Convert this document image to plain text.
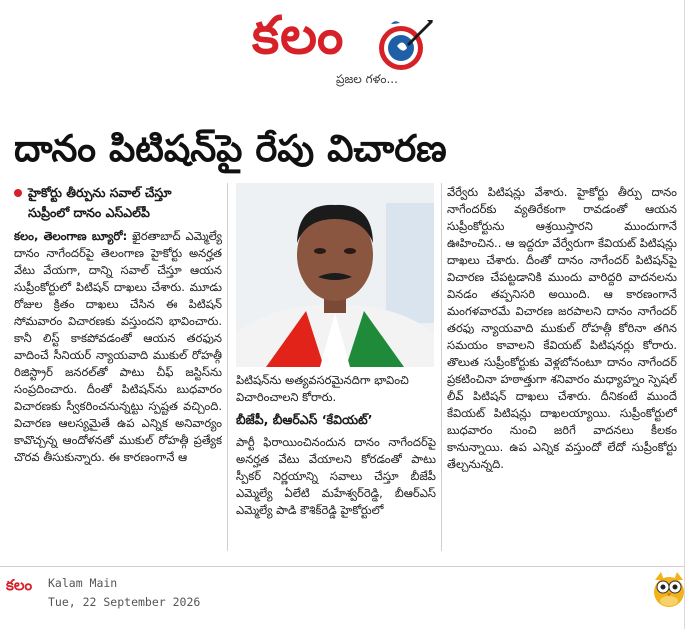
కలం
ప్రజల గళం...
దానం పిటిషన్‌పై రేపు విచారణ
హైకోర్టు తీర్పును సవాల్ చేస్తూ
సుప్రీంలో దానం ఎస్‌ఎల్‌పీ

కలం, తెలంగాణ బ్యూరో: ఖైరతాబాద్ ఎమ్మెల్యే దానం నాగేందర్‌పై తెలంగాణ హైకోర్టు అనర్హత వేటు వేయగా, దాన్ని సవాల్ చేస్తూ ఆయన సుప్రీంకోర్టులో పిటిషన్ దాఖలు చేశారు. మూడు రోజుల క్రితం దాఖలు చేసిన ఈ పిటిషన్ సోమవారం విచారణకు వస్తుందని భావించారు. కానీ లిస్ట్ కాకపోవడంతో ఆయన తరఫున వాదించే సీనియర్ న్యాయవాది ముకుల్ రోహత్గీ రిజిస్ట్రార్ జనరల్‌తో పాటు చీఫ్ జస్టిస్‌ను సంప్రదించారు. దీంతో పిటిషన్‌ను బుధవారం విచారణకు స్వీకరించనున్నట్టు స్పష్టత వచ్చింది. విచారణ ఆలస్యమైతే ఉప ఎన్నిక అనివార్యం కావొచ్చన్న ఆందోళనతో ముకుల్ రోహత్గీ ప్రత్యేక చొరవ తీసుకున్నారు. ఈ కారణంగానే ఆ

పిటిషన్‌ను అత్యవసరమైనదిగా భావించి విచారించాలని కోరారు.
బీజేపీ, బీఆర్ఎస్ ‘కేవియట్’

పార్టీ ఫిరాయించినందున దానం నాగేందర్‌పై అనర్హత వేటు వేయాలని కోరడంతో పాటు స్పీకర్ నిర్ణయాన్ని సవాలు చేస్తూ బీజేపీ ఎమ్మెల్యే ఏలేటి మహేశ్వర్‌రెడ్డి, బీఆర్ఎస్ ఎమ్మెల్యే పాడి కౌశిక్‌రెడ్డి హైకోర్టులో

వేర్వేరు పిటిషన్లు వేశారు. హైకోర్టు తీర్పు దానం నాగేందర్‌కు వ్యతిరేకంగా రావడంతో ఆయన సుప్రీంకోర్టును ఆశ్రయిస్తారని ముందుగానే ఊహించిన.. ఆ ఇద్దరూ వేర్వేరుగా కేవియట్ పిటిషన్లు దాఖలు చేశారు. దీంతో దానం నాగేందర్ పిటిషన్‌పై విచారణ చేపట్టడానికి ముందు వారిద్దరి వాదనలను వినడం తప్పనిసరి అయింది. ఆ కారణంగానే మంగళవారమే విచారణ జరపాలని దానం నాగేందర్ తరఫు న్యాయవాది ముకుల్ రోహత్గీ కోరినా తగిన సమయం కావాలని కేవియట్ పిటిషనర్లు కోరారు. తొలుత సుప్రీంకోర్టుకు వెళ్లబోనంటూ దానం నాగేందర్ ప్రకటించినా హఠాత్తుగా శనివారం మధ్యాహ్నం స్పెషల్ లీవ్ పిటిషన్ దాఖలు చేశారు. దీనికంటే ముందే కేవియట్ పిటిషన్లు దాఖలయ్యాయి. సుప్రీంకోర్టులో బుధవారం నుంచి జరిగే వాదనలు కీలకం కానున్నాయి. ఉప ఎన్నిక వస్తుందో లేదో సుప్రీంకోర్టు తేల్చనున్నది.

కలం Kalam Main
Tue, 22 September 2026
